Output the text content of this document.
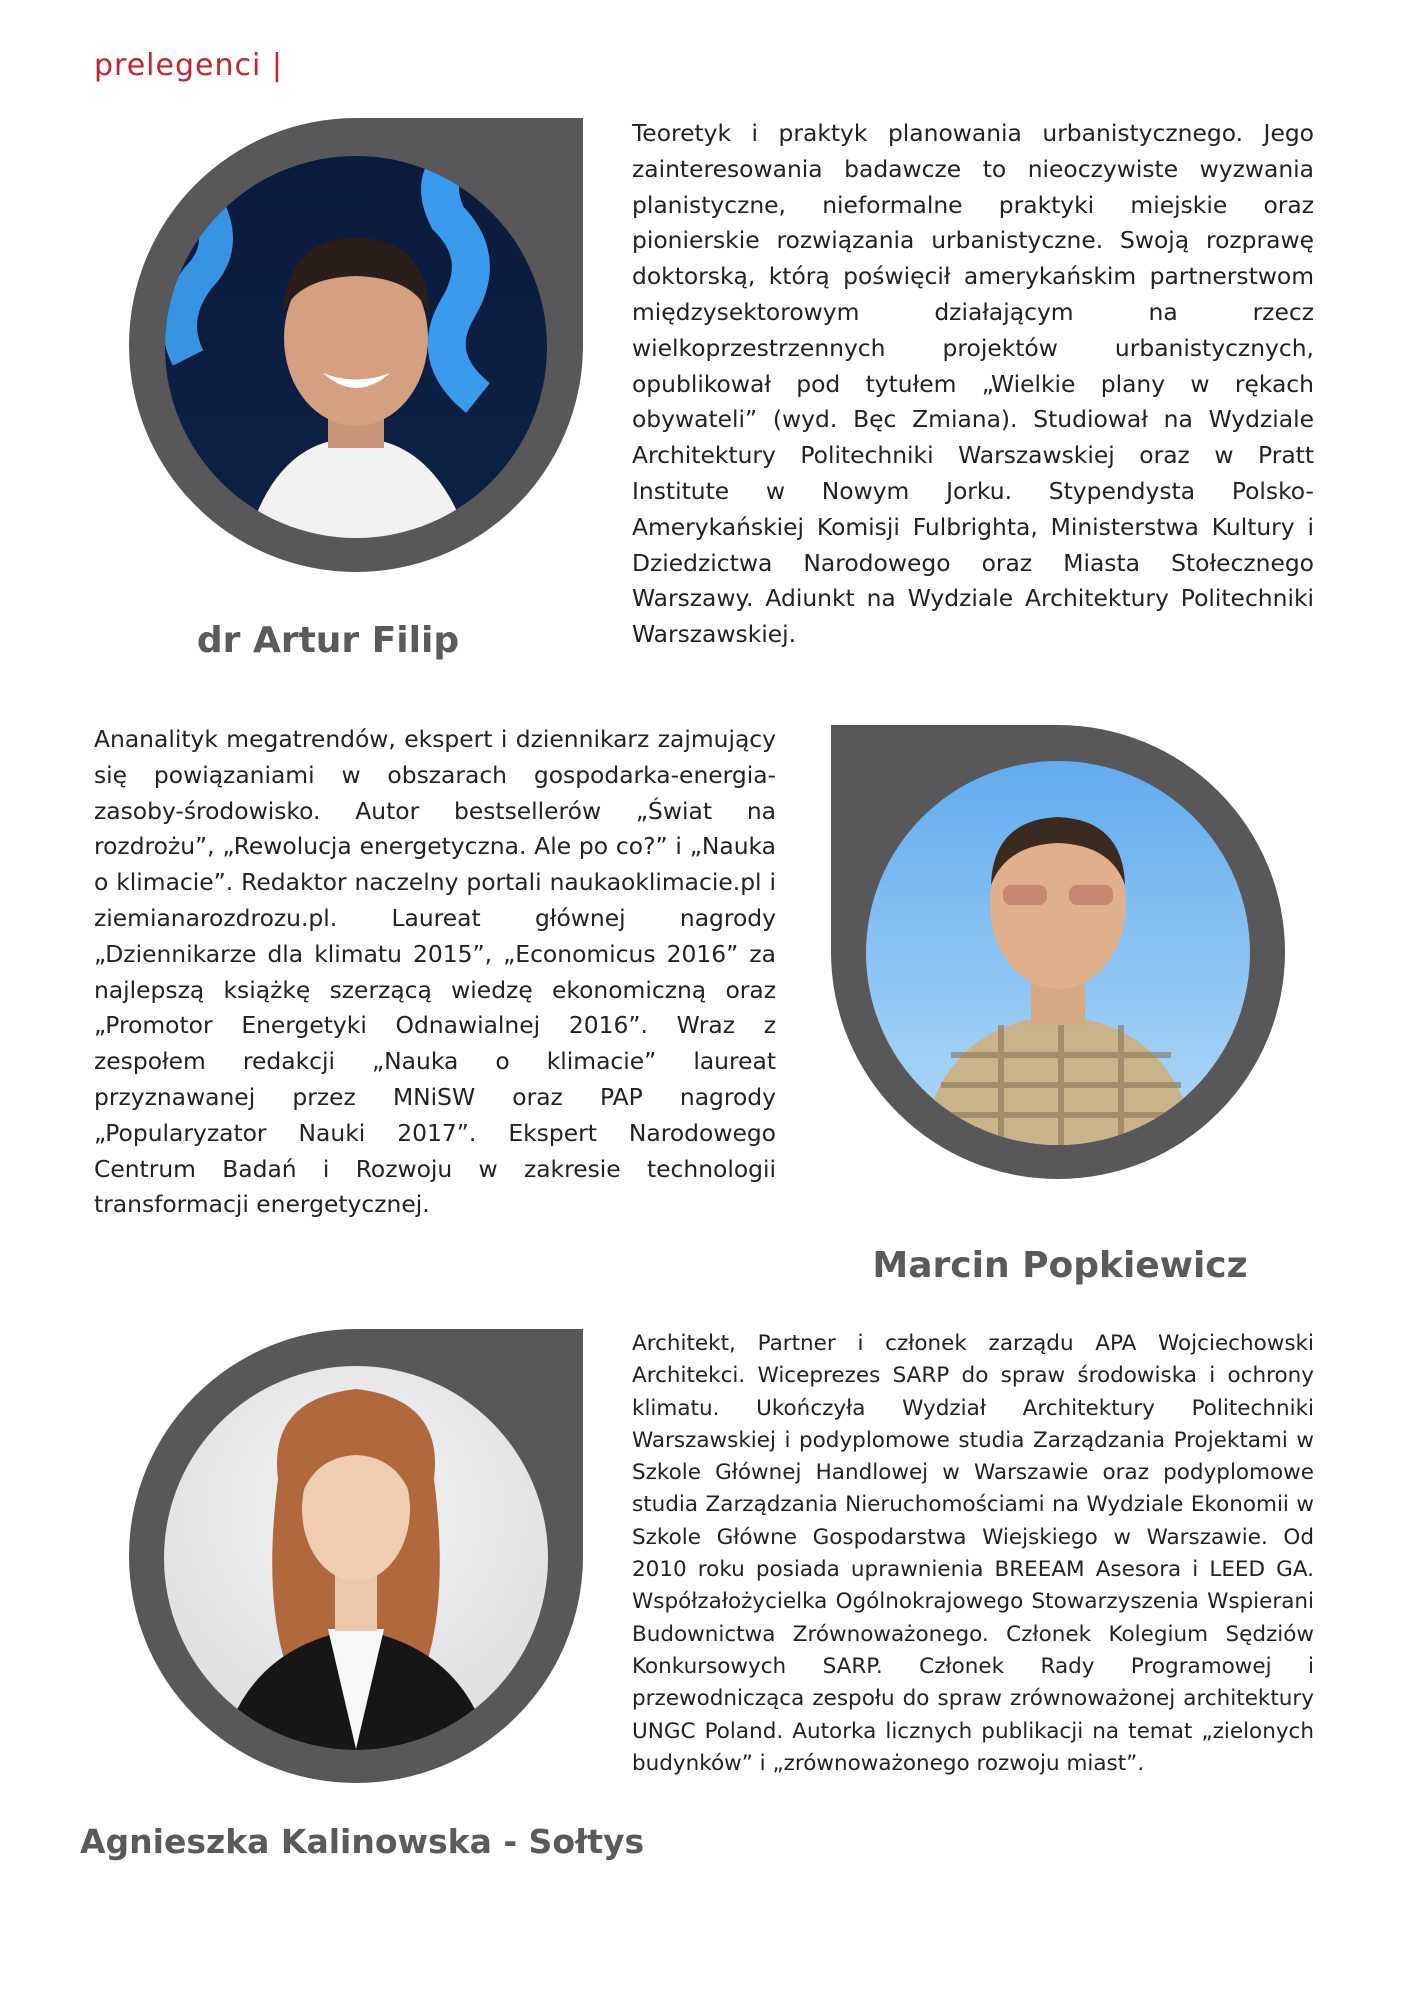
prelegenci |
dr Artur Filip

Teoretyk i praktyk planowania urbanistycznego. Jego zainteresowania badawcze to nieoczywiste wyzwania planistyczne, nieformalne praktyki miejskie oraz pionierskie rozwiązania urbanistyczne. Swoją rozprawę doktorską, którą poświęcił amerykańskim partnerstwom międzysektorowym działającym na rzecz wielkoprzestrzennych projektów urbanistycznych, opublikował pod tytułem „Wielkie plany w rękach obywateli” (wyd. Bęc Zmiana). Studiował na Wydziale Architektury Politechniki Warszawskiej oraz w Pratt Institute w Nowym Jorku. Stypendysta Polsko-Amerykańskiej Komisji Fulbrighta, Ministerstwa Kultury i Dziedzictwa Narodowego oraz Miasta Stołecznego Warszawy. Adiunkt na Wydziale Architektury Politechniki Warszawskiej.

Ananalityk megatrendów, ekspert i dziennikarz zajmujący się powiązaniami w obszarach gospodarka-energia-zasoby-środowisko. Autor bestsellerów „Świat na rozdrożu”, „Rewolucja energetyczna. Ale po co?” i „Nauka o klimacie”. Redaktor naczelny portali naukaoklimacie.pl i ziemianarozdrozu.pl. Laureat głównej nagrody „Dziennikarze dla klimatu 2015”, „Economicus 2016” za najlepszą książkę szerzącą wiedzę ekonomiczną oraz „Promotor Energetyki Odnawialnej 2016”. Wraz z zespołem redakcji „Nauka o klimacie” laureat przyznawanej przez MNiSW oraz PAP nagrody „Popularyzator Nauki 2017”. Ekspert Narodowego Centrum Badań i Rozwoju w zakresie technologii transformacji energetycznej.

Marcin Popkiewicz
Agnieszka Kalinowska - Sołtys

Architekt, Partner i członek zarządu APA Wojciechowski Architekci. Wiceprezes SARP do spraw środowiska i ochrony klimatu. Ukończyła Wydział Architektury Politechniki Warszawskiej i podyplomowe studia Zarządzania Projektami w Szkole Głównej Handlowej w Warszawie oraz podyplomowe studia Zarządzania Nieruchomościami na Wydziale Ekonomii w Szkole Główne Gospodarstwa Wiejskiego w Warszawie. Od 2010 roku posiada uprawnienia BREEAM Asesora i LEED GA. Współzałożycielka Ogólnokrajowego Stowarzyszenia Wspierani Budownictwa Zrównoważonego. Członek Kolegium Sędziów Konkursowych SARP. Członek Rady Programowej i przewodnicząca zespołu do spraw zrównoważonej architektury UNGC Poland. Autorka licznych publikacji na temat „zielonych budynków” i „zrównoważonego rozwoju miast”.
